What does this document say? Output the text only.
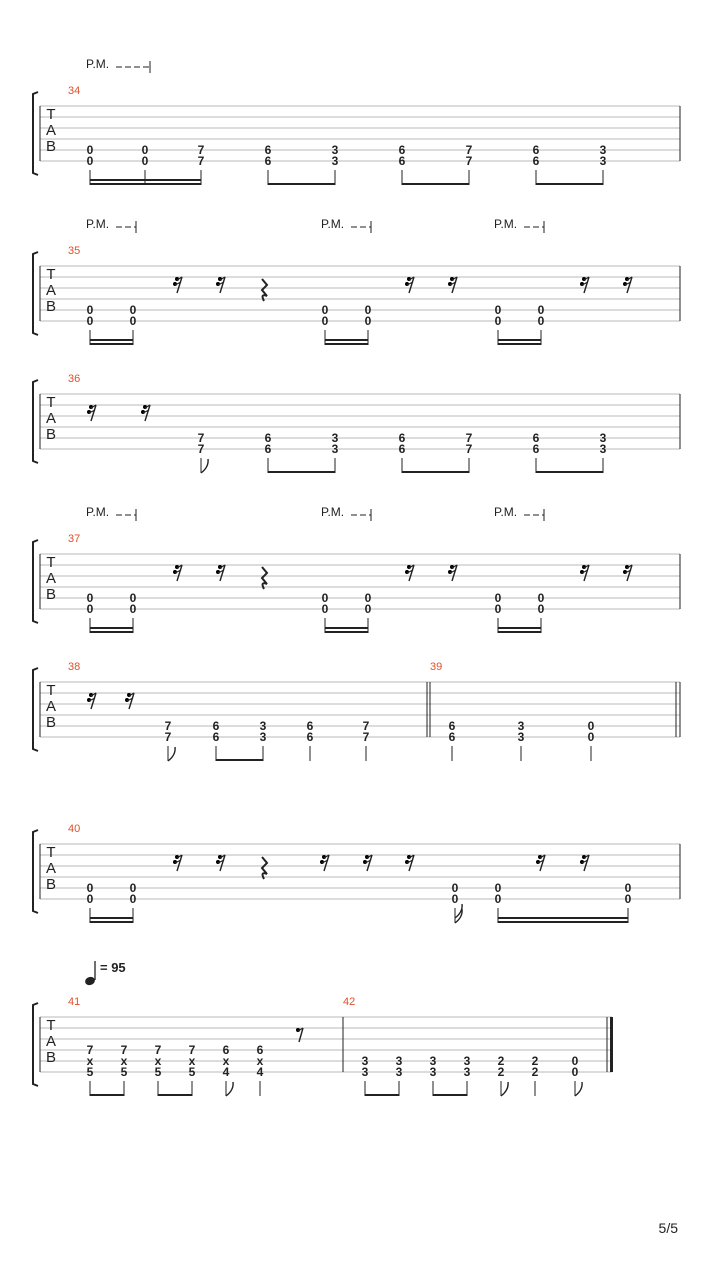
T
A
B
34
P.M.
0
0
0
0
7
7
6
6
3
3
6
6
7
7
6
6
3
3
T
A
B
35
P.M.	P.M.	P.M.
0
0
0
0
0
0
0
0
0
0
0
0
T
A
B
36
7
7
6
6
3
3
6
6
7
7
6
6
3
3
T
A
B
37
P.M.	P.M.	P.M.
0
0
0
0
0
0
0
0
0
0
0
0
T
A
B
38	39
7
7
6
6
3
3
6
6
7
7
6
6
3
3
0
0
T
A
B
40
0
0
0
0
0
0
0
0
0
0
T
A
B
41	42
7
x
5
7
x
5
7
x
5
7
x
5
6
x
4
6
x
4
3
3
3
3
3
3
3
3
2
2
2
2
0
0
= 95
5/5
